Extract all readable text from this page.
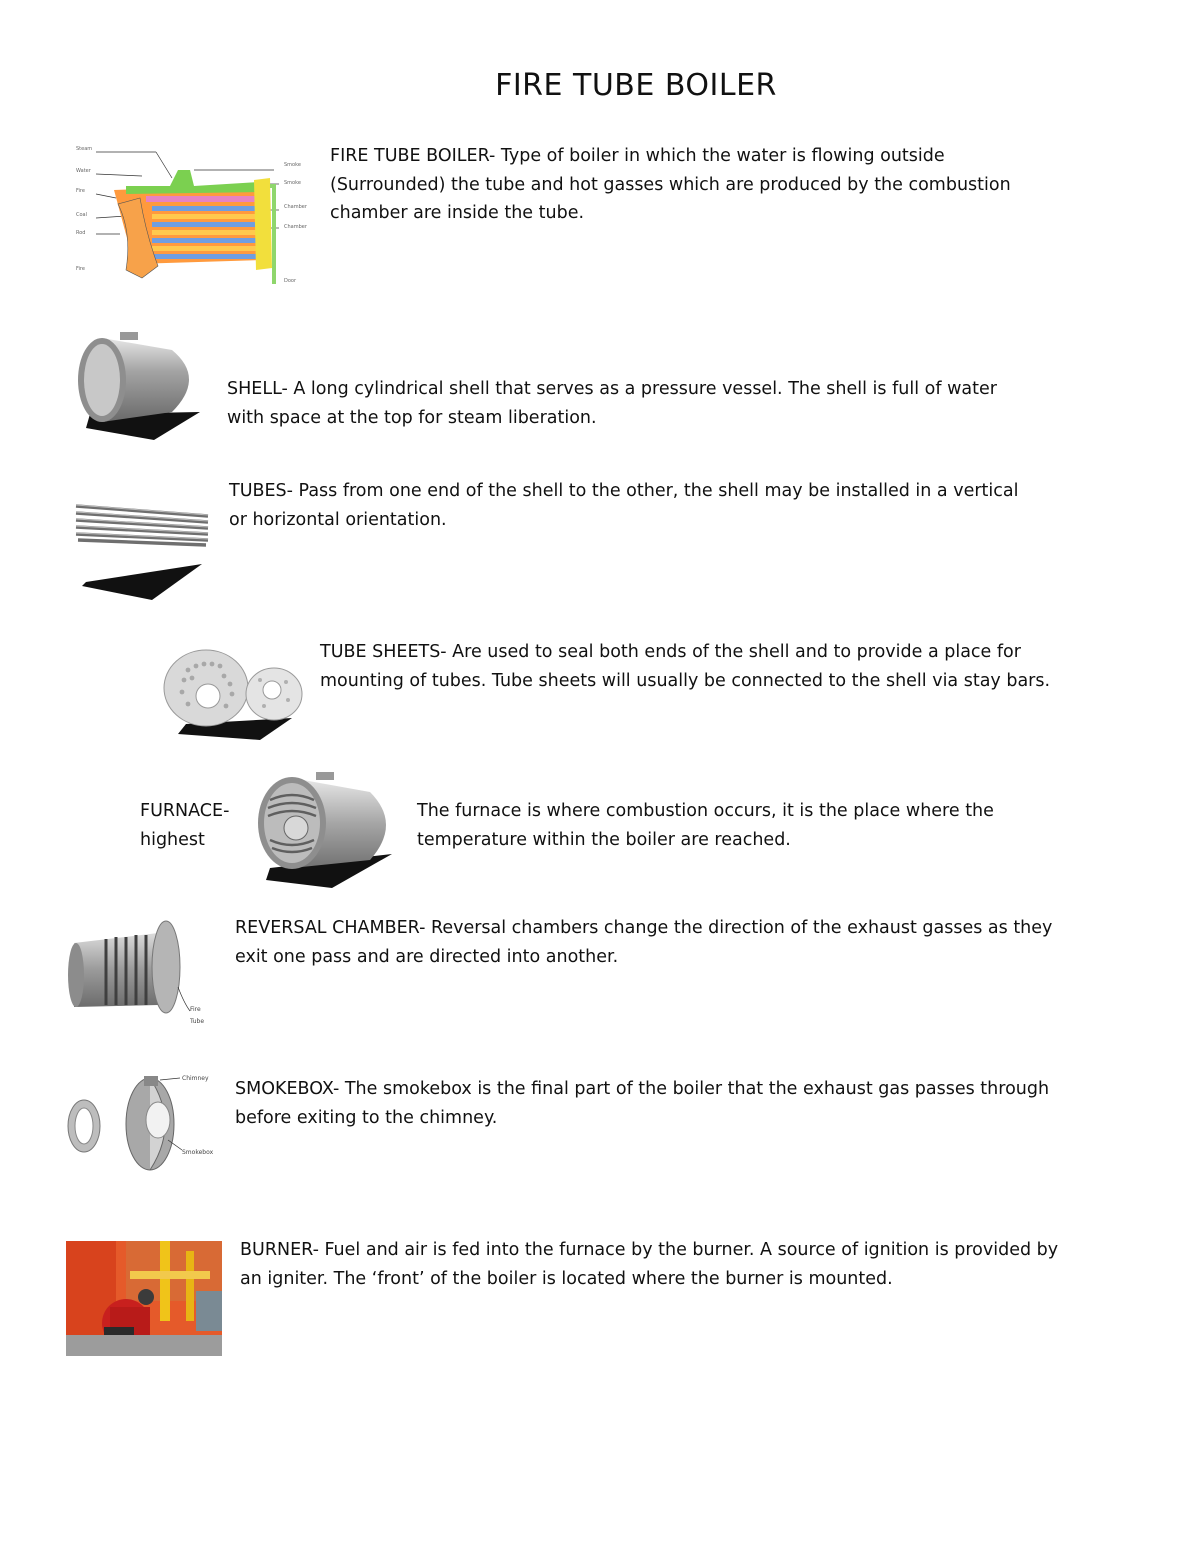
FIRE TUBE BOILER
Steam
Water
Fire
Coal
Rod
Fire
Smoke
Smoke
Chamber
Chamber
Door
FIRE TUBE BOILER- Type of boiler in which the water is flowing outside (Surrounded) the tube and hot gasses which are produced by the combustion chamber are inside the tube.
SHELL- A long cylindrical shell that serves as a pressure vessel. The shell is full of water with space at the top for steam liberation.
TUBES- Pass from one end of the shell to the other, the shell may be installed in a vertical or horizontal orientation.
TUBE SHEETS- Are used to seal both ends of the shell and to provide a place for mounting of tubes. Tube sheets will usually be connected to the shell via stay bars.
FURNACE- highest
The furnace is where combustion occurs, it is the place where the temperature within the boiler are reached.
Fire
Tube
REVERSAL CHAMBER- Reversal chambers change the direction of the exhaust gasses as they exit one pass and are directed into another.
Chimney
Smokebox
SMOKEBOX- The smokebox is the final part of the boiler that the exhaust gas passes through before exiting to the chimney.
BURNER- Fuel and air is fed into the furnace by the burner. A source of ignition is provided by an igniter. The ‘front’ of the boiler is located where the burner is mounted.
